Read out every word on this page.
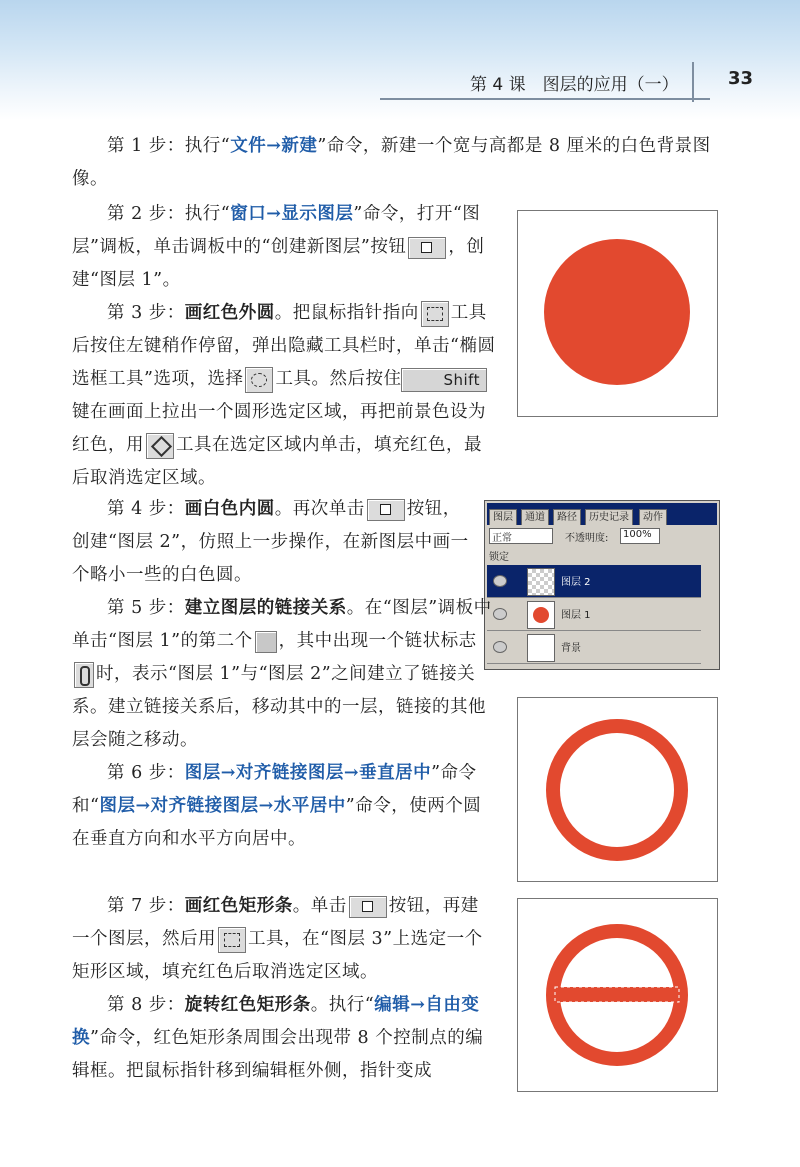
第 4 课　图层的应用（一）	33

第 1 步：执行“文件→新建”命令，新建一个宽与高都是 8 厘米的白色背景图像。

第 2 步：执行“窗口→显示图层”命令，打开“图层”调板，单击调板中的“创建新图层”按钮 ，创建“图层 1”。

第 3 步：画红色外圆。把鼠标指针指向 工具后按住左键稍作停留，弹出隐藏工具栏时，单击“椭圆选框工具”选项，选择 工具。然后按住	Shift键在画面上拉出一个圆形选定区域，再把前景色设为红色，用 工具在选定区域内单击，填充红色，最后取消选定区域。

第 4 步：画白色内圆。再次单击 按钮，创建“图层 2”，仿照上一步操作，在新图层中画一个略小一些的白色圆。

图层	通道	路径	历史记录	动作
正常	不透明度:	100%
锁定
图层 2
图层 1
背景

第 5 步：建立图层的链接关系。在“图层”调板中单击“图层 1”的第二个 ，其中出现一个链状标志时，表示“图层 1”与“图层 2”之间建立了链接关系。建立链接关系后，移动其中的一层，链接的其他层会随之移动。

第 6 步：图层→对齐链接图层→垂直居中”命令和“图层→对齐链接图层→水平居中”命令，使两个圆在垂直方向和水平方向居中。

第 7 步：画红色矩形条。单击 按钮，再建一个图层，然后用 工具，在“图层 3”上选定一个矩形区域，填充红色后取消选定区域。

第 8 步：旋转红色矩形条。执行“编辑→自由变换”命令，红色矩形条周围会出现带 8 个控制点的编辑框。把鼠标指针移到编辑框外侧，指针变成
